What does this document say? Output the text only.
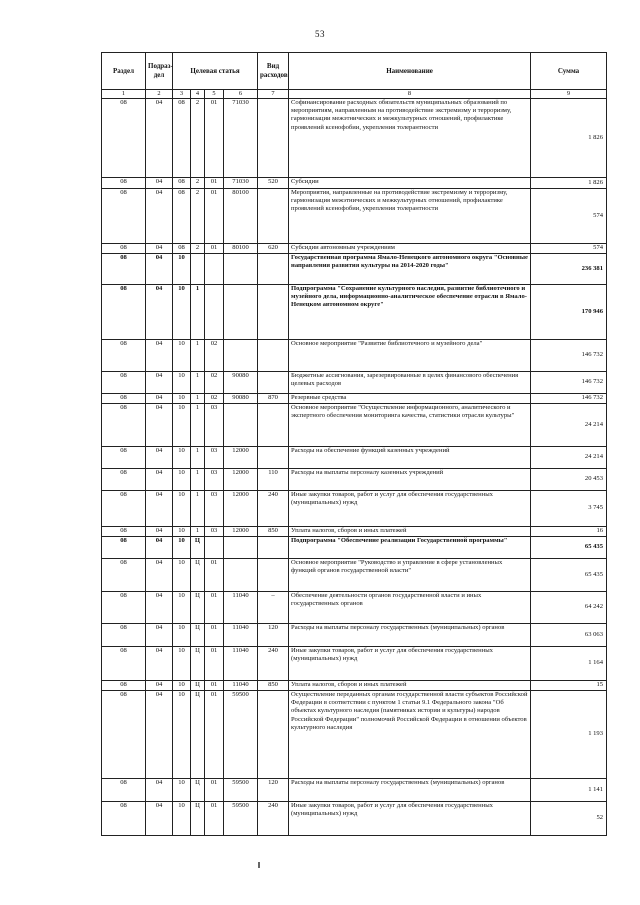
53
Раздел	Подраз-дел	Целевая статья				Вид расходов	Наименование	Сумма
1	2	3	4	5	6	7	8	9
08	04	08	2	01	71030		Софинансирование расходных обязательств муниципальных образований по мероприятиям, направленным на противодействие экстремизму и терроризму, гармонизации межэтнических и межкультурных отношений, профилактике проявлений ксенофобии, укрепления толерантности	1 826
08	04	08	2	01	71030	520	Субсидии	1 826
08	04	08	2	01	80100		Мероприятия, направленные на противодействие экстремизму и терроризму, гармонизация межэтнических и межкультурных отношений, профилактике проявлений ксенофобии, укрепления толерантности	574
08	04	08	2	01	80100	620	Субсидии автономным учреждениям	574
08	04	10					Государственная программа Ямало-Ненецкого автономного округа "Основные направления развития культуры на 2014-2020 годы"	236 381
08	04	10	1				Подпрограмма "Сохранение культурного наследия, развитие библиотечного и музейного дела, информационно-аналитическое обеспечение отрасли в Ямало-Ненецком автономном округе"	170 946
08	04	10	1	02			Основное мероприятие "Развитие библиотечного и музейного дела"	146 732
08	04	10	1	02	90080		Бюджетные ассигнования, зарезервированные в целях финансового обеспечения целевых расходов	146 732
08	04	10	1	02	90080	870	Резервные средства	146 732
08	04	10	1	03			Основное мероприятие "Осуществление информационного, аналитического и экспертного обеспечения мониторинга качества, статистики отрасли культуры"	24 214
08	04	10	1	03	12000		Расходы на обеспечение функций казенных учреждений	24 214
08	04	10	1	03	12000	110	Расходы на выплаты персоналу казенных учреждений	20 453
08	04	10	1	03	12000	240	Иные закупки товаров, работ и услуг для обеспечения государственных (муниципальных) нужд	3 745
08	04	10	1	03	12000	850	Уплата налогов, сборов и иных платежей	16
08	04	10	Ц				Подпрограмма "Обеспечение реализации Государственной программы"	65 435
08	04	10	Ц	01			Основное мероприятие "Руководство и управление в сфере установленных функций органов государственной власти"	65 435
08	04	10	Ц	01	11040	–	Обеспечение деятельности органов государственной власти и иных государственных органов	64 242
08	04	10	Ц	01	11040	120	Расходы на выплаты персоналу государственных (муниципальных) органов	63 063
08	04	10	Ц	01	11040	240	Иные закупки товаров, работ и услуг для обеспечения государственных (муниципальных) нужд	1 164
08	04	10	Ц	01	11040	850	Уплата налогов, сборов и иных платежей	15
08	04	10	Ц	01	59500		Осуществление переданных органам государственной власти субъектов Российской Федерации в соответствии с пунктом 1 статьи 9.1 Федерального закона "Об объектах культурного наследия (памятниках истории и культуры) народов Российской Федерации" полномочий Российской Федерации в отношении объектов культурного наследия	1 193
08	04	10	Ц	01	59500	120	Расходы на выплаты персоналу государственных (муниципальных) органов	1 141
08	04	10	Ц	01	59500	240	Иные закупки товаров, работ и услуг для обеспечения государственных (муниципальных) нужд	52
